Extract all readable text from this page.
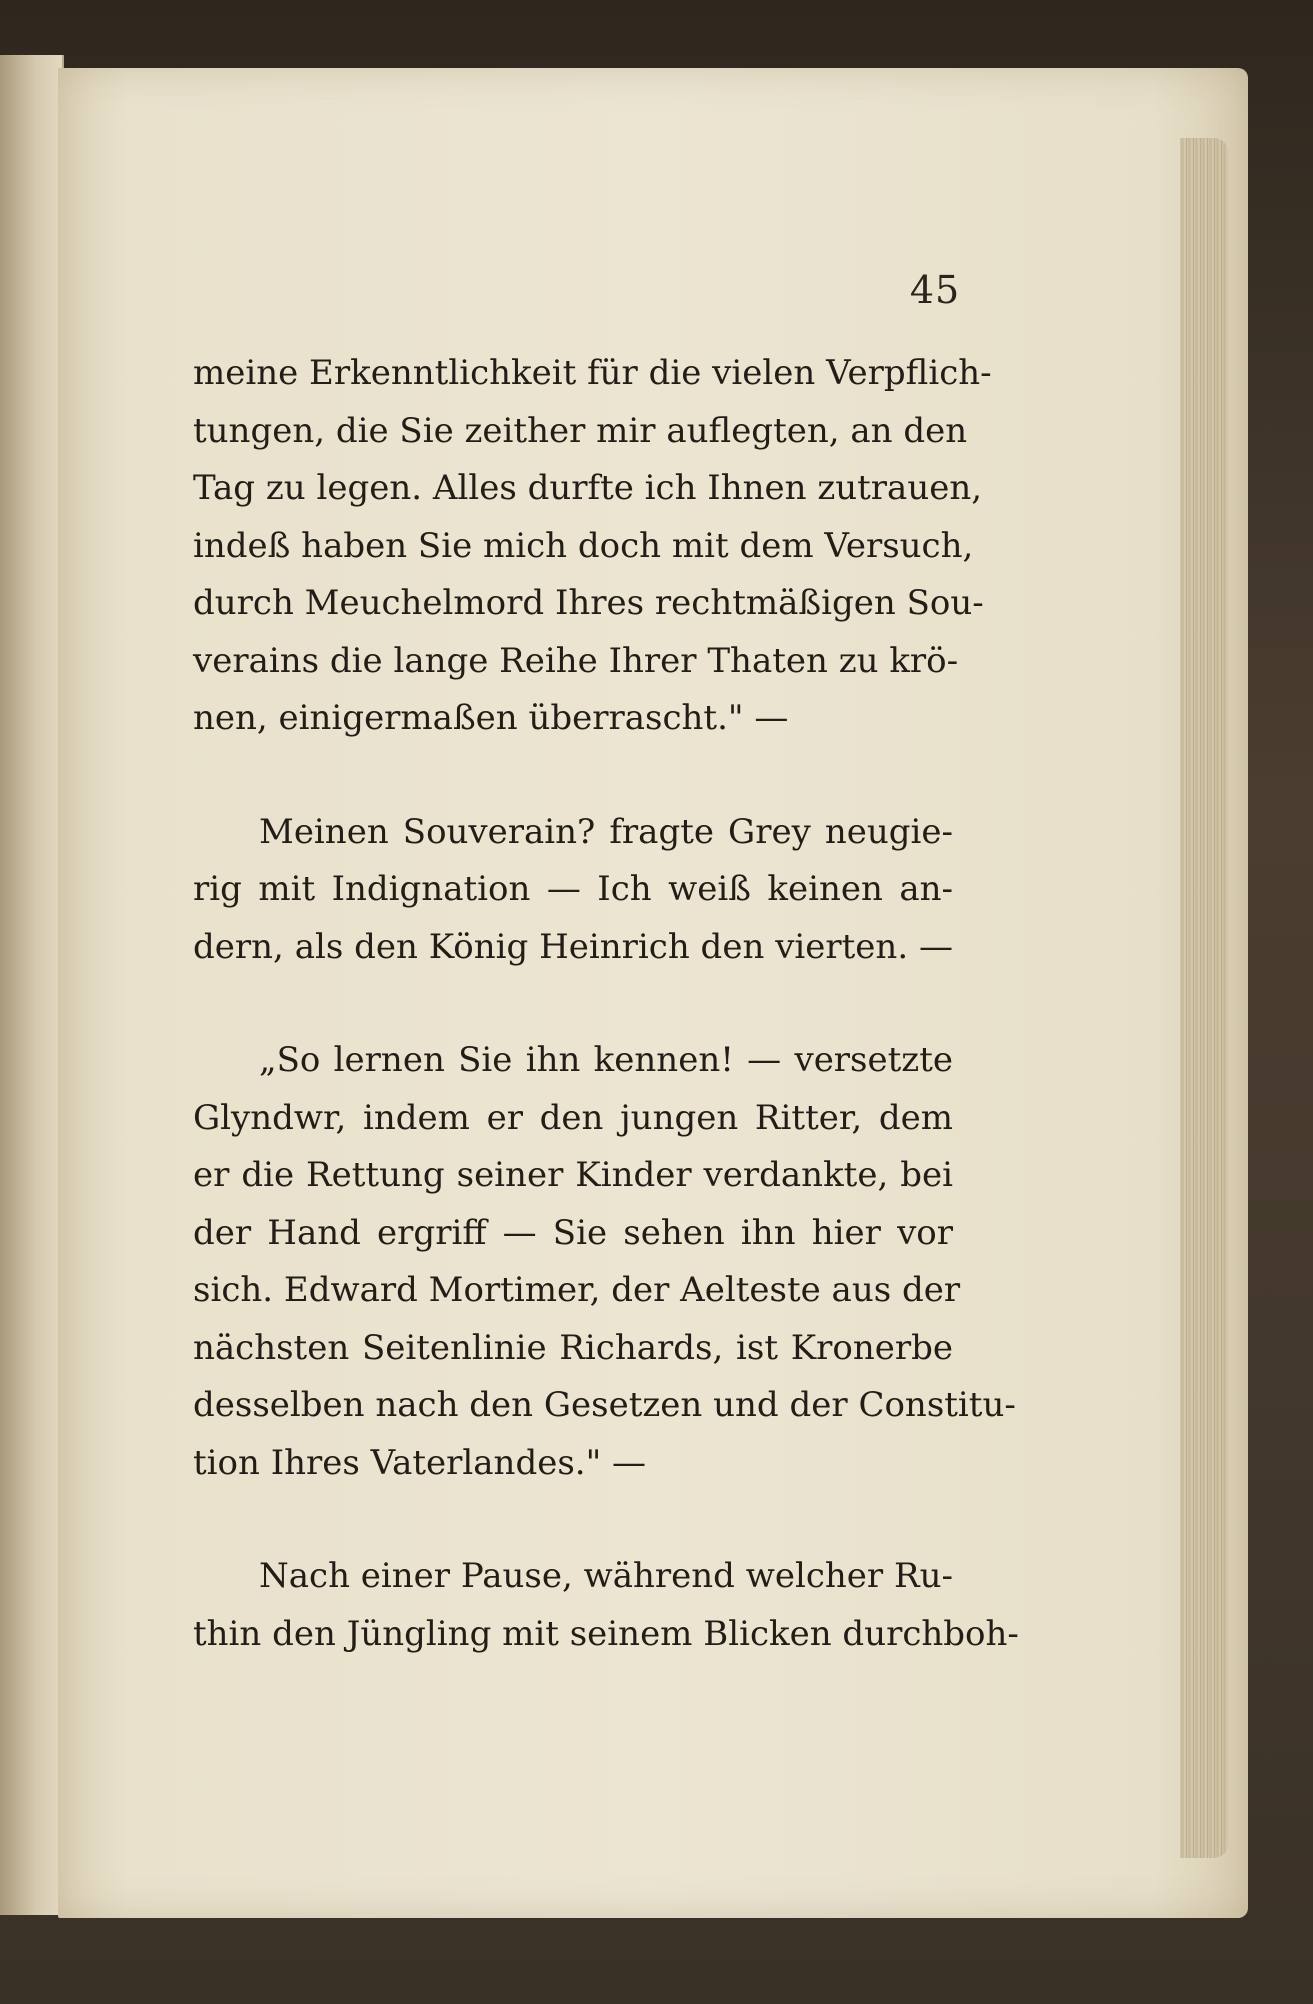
45

meine Erkenntlichkeit für die vielen Verpflich-
tungen, die Sie zeither mir auflegten, an den
Tag zu legen. Alles durfte ich Ihnen zutrauen,
indeß haben Sie mich doch mit dem Versuch,
durch Meuchelmord Ihres rechtmäßigen Sou-
verains die lange Reihe Ihrer Thaten zu krö-
nen, einigermaßen überrascht." —

Meinen Souverain? fragte Grey neugie-
rig mit Indignation — Ich weiß keinen an-
dern, als den König Heinrich den vierten. —

„So lernen Sie ihn kennen! — versetzte
Glyndwr, indem er den jungen Ritter, dem
er die Rettung seiner Kinder verdankte, bei
der Hand ergriff — Sie sehen ihn hier vor
sich. Edward Mortimer, der Aelteste aus der
nächsten Seitenlinie Richards, ist Kronerbe
desselben nach den Gesetzen und der Constitu-
tion Ihres Vaterlandes." —

Nach einer Pause, während welcher Ru-
thin den Jüngling mit seinem Blicken durchboh-
